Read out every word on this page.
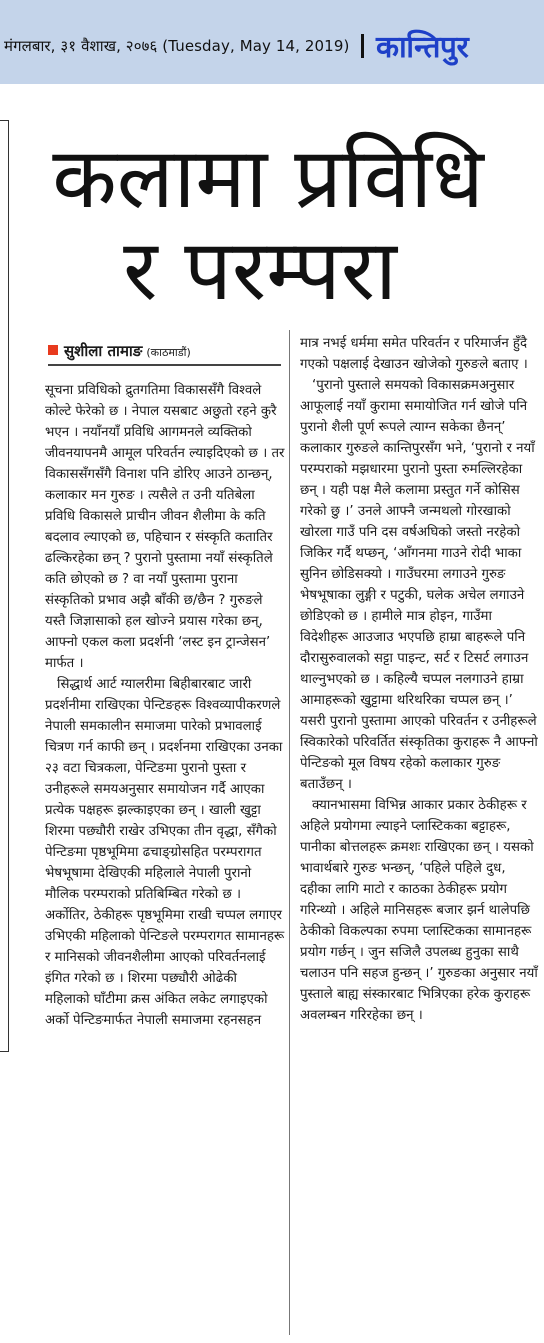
मंगलबार, ३१ वैशाख, २०७६ (Tuesday, May 14, 2019) कान्तिपुर
कलामा प्रविधि
र परम्परा
सुशीला तामाङ (काठमाडौं)

सूचना प्रविधिको द्रुतगतिमा विकाससँगै विश्वले कोल्टे फेरेको छ । नेपाल यसबाट अछुतो रहने कुरै भएन । नयाँनयाँ प्रविधि आगमनले व्यक्तिको जीवनयापनमै आमूल परिवर्तन ल्याइदिएको छ । तर विकाससँगसँगै विनाश पनि डोरिए आउने ठान्छन्, कलाकार मन गुरुङ । त्यसैले त उनी यतिबेला प्रविधि विकासले प्राचीन जीवन शैलीमा के कति बदलाव ल्याएको छ, पहिचान र संस्कृति कतातिर ढल्किरहेका छन् ? पुरानो पुस्तामा नयाँ संस्कृतिले कति छोएको छ ? वा नयाँ पुस्तामा पुराना संस्कृतिको प्रभाव अझै बाँकी छ/छैन ? गुरुङले यस्तै जिज्ञासाको हल खोज्ने प्रयास गरेका छन्, आफ्नो एकल कला प्रदर्शनी ‘लस्ट इन ट्रान्जेसन’ मार्फत ।

सिद्धार्थ आर्ट ग्यालरीमा बिहीबारबाट जारी प्रदर्शनीमा राखिएका पेन्टिङहरू विश्वव्यापीकरणले नेपाली समकालीन समाजमा पारेको प्रभावलाई चित्रण गर्न काफी छन् । प्रदर्शनमा राखिएका उनका २३ वटा चित्रकला, पेन्टिङमा पुरानो पुस्ता र उनीहरूले समयअनुसार समायोजन गर्दै आएका प्रत्येक पक्षहरू झल्काइएका छन् । खाली खुट्टा शिरमा पछ्यौरी राखेर उभिएका तीन वृद्धा, सँगैको पेन्टिङमा पृष्ठभूमिमा ढचाङ्ग्रोसहित परम्परागत भेषभूषामा देखिएकी महिलाले नेपाली पुरानो मौलिक परम्पराको प्रतिबिम्बित गरेको छ । अर्कोतिर, ठेकीहरू पृष्ठभूमिमा राखी चप्पल लगाएर उभिएकी महिलाको पेन्टिङले परम्परागत सामानहरू र मानिसको जीवनशैलीमा आएको परिवर्तनलाई इंगित गरेको छ । शिरमा पछ्यौरी ओढेकी महिलाको घाँटीमा क्रस अंकित लकेट लगाइएको अर्को पेन्टिङमार्फत नेपाली समाजमा रहनसहन

मात्र नभई धर्ममा समेत परिवर्तन र परिमार्जन हुँदै गएको पक्षलाई देखाउन खोजेको गुरुङले बताए ।

‘पुरानो पुस्ताले समयको विकासक्रमअनुसार आफूलाई नयाँ कुरामा समायोजित गर्न खोजे पनि पुरानो शैली पूर्ण रूपले त्याग्न सकेका छैनन्’ कलाकार गुरुङले कान्तिपुरसँग भने, ‘पुरानो र नयाँ परम्पराको मझधारमा पुरानो पुस्ता रुमल्लिरहेका छन् । यही पक्ष मैले कलामा प्रस्तुत गर्ने कोसिस गरेको छु ।’ उनले आफ्नै जन्मथलो गोरखाको खोरला गाउँ पनि दस वर्षअघिको जस्तो नरहेको जिकिर गर्दै थप्छन्, ‘आँगनमा गाउने रोदी भाका सुनिन छोडिसक्यो । गाउँघरमा लगाउने गुरुङ भेषभूषाका लुङ्गी र पटुकी, घलेक अचेल लगाउने छोडिएको छ । हामीले मात्र होइन, गाउँमा विदेशीहरू आउजाउ भएपछि हाम्रा बाहरूले पनि दौरासुरुवालको सट्टा पाइन्ट, सर्ट र टिसर्ट लगाउन थाल्नुभएको छ । कहिल्यै चप्पल नलगाउने हाम्रा आमाहरूको खुट्टामा थरिथरिका चप्पल छन् ।’ यसरी पुरानो पुस्तामा आएको परिवर्तन र उनीहरूले स्विकारेको परिवर्तित संस्कृतिका कुराहरू नै आफ्नो पेन्टिङको मूल विषय रहेको कलाकार गुरुङ बताउँछन् ।

क्यानभासमा विभिन्न आकार प्रकार ठेकीहरू र अहिले प्रयोगमा ल्याइने प्लास्टिकका बट्टाहरू, पानीका बोत्तलहरू क्रमशः राखिएका छन् । यसको भावार्थबारे गुरुङ भन्छन्, ‘पहिले पहिले दुध, दहीका लागि माटो र काठका ठेकीहरू प्रयोग गरिन्थ्यो । अहिले मानिसहरू बजार झर्न थालेपछि ठेकीको विकल्पका रुपमा प्लास्टिकका सामानहरू प्रयोग गर्छन् । जुन सजिलै उपलब्ध हुनुका साथै चलाउन पनि सहज हुन्छन् ।’ गुरुङका अनुसार नयाँ पुस्ताले बाह्य संस्कारबाट भित्रिएका हरेक कुराहरू अवलम्बन गरिरहेका छन् ।
